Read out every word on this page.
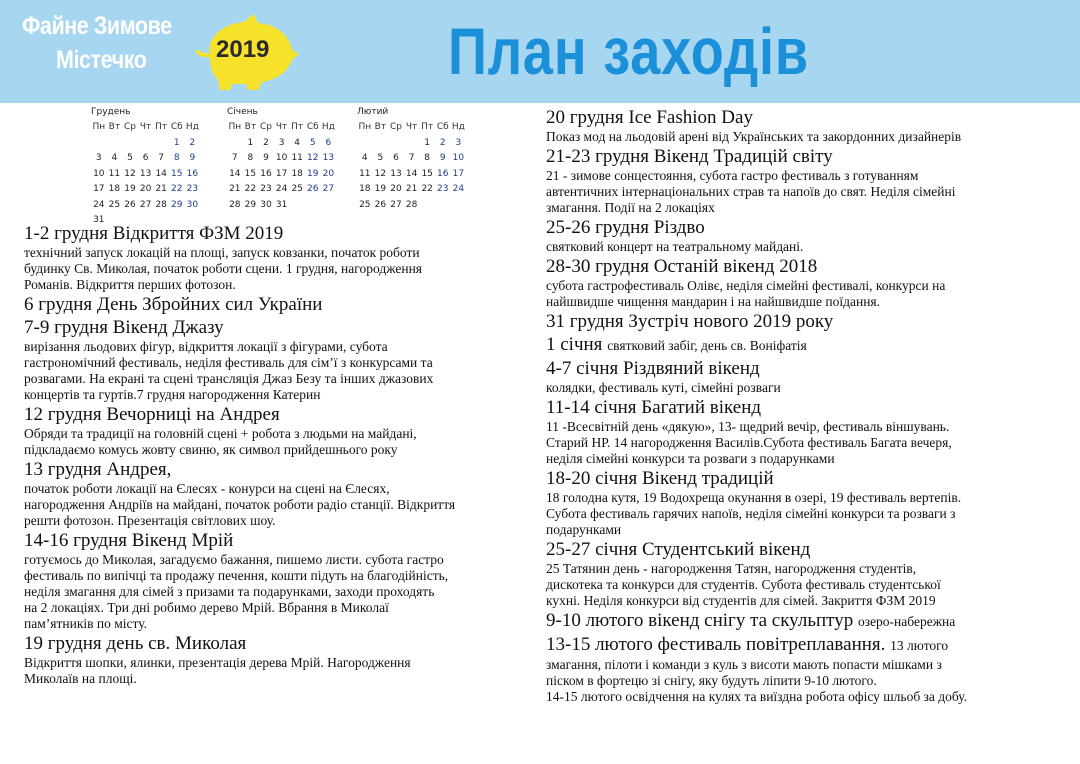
Файне Зимове
Містечко	2019	План заходів
Грудень
Пн Вт Ср Чт Пт Сб Нд
1 2
3 4 5 6 7 8 9
10 11 12 13 14 15 16
17 18 19 20 21 22 23
24 25 26 27 28 29 30
31
Січень
Пн Вт Ср Чт Пт Сб Нд
1 2 3 4 5 6
7 8 9 10 11 12 13
14 15 16 17 18 19 20
21 22 23 24 25 26 27
28 29 30 31
Лютий
Пн Вт Ср Чт Пт Сб Нд
1 2 3
4 5 6 7 8 9 10
11 12 13 14 15 16 17
18 19 20 21 22 23 24
25 26 27 28
1-2 грудня Відкриття ФЗМ 2019
технічний запуск локацій на площі, запуск ковзанки, початок роботи
будинку Св. Миколая, початок роботи сцени. 1 грудня, нагородження
Романів. Відкриття перших фотозон.
6 грудня День Збройних сил України
7-9 грудня Вікенд Джазу
вирізання льодових фігур, відкриття локації з фігурами, субота
гастрономічний фестиваль, неділя фестиваль для сім’ї з конкурсами та
розвагами. На екрані та сцені трансляція Джаз Безу та інших джазових
концертів та гуртів.7 грудня нагородження Катерин
12 грудня Вечорниці на Андрея
Обряди та традиції на головній сцені + робота з людьми на майдані,
підкладаємо комусь жовту свиню, як символ прийдешнього року
13 грудня Андрея,
початок роботи локації на Єлесях - конурси на сцені на Єлесях,
нагородження Андріїв на майдані, початок роботи радіо станції. Відкриття
решти фотозон. Презентація світлових шоу.
14-16 грудня Вікенд Мрій
готуємось до Миколая, загадуємо бажання, пишемо листи. субота гастро
фестиваль по випічці та продажу печення, кошти підуть на благодійність,
неділя змагання для сімей з призами та подарунками, заходи проходять
на 2 локаціях. Три дні робимо дерево Мрій. Вбрання в Миколаї
пам’ятників по місту.
19 грудня день св. Миколая
Відкриття шопки, ялинки, презентація дерева Мрій. Нагородження
Миколаїв на площі.
20 грудня Ice Fashion Day
Показ мод на льодовій арені від Українських та закордонних дизайнерів
21-23 грудня Вікенд Традицій світу
21 - зимове сонцестояння, субота гастро фестиваль з готуванням
автентичних інтернаціональних страв та напоїв до свят. Неділя сімейні
змагання. Події на 2 локаціях
25-26 грудня Різдво
святковий концерт на театральному майдані.
28-30 грудня Останій вікенд 2018
субота гастрофестиваль Олівє, неділя сімейні фестивалі, конкурси на
найшвидше чищення мандарин і на найшвидше поїдання.
31 грудня Зустріч нового 2019 року
1 січня святковий забіг, день св. Воніфатія
4-7 січня Різдвяний вікенд
колядки, фестиваль куті, сімейні розваги
11-14 січня Багатий вікенд
11 -Всесвітній день «дякую», 13- щедрий вечір, фестиваль віншувань.
Старий НР. 14 нагородження Василів.Субота фестиваль Багата вечеря,
неділя сімейні конкурси та розваги з подарунками
18-20 січня Вікенд традицій
18 голодна кутя, 19 Водохреща окунання в озері, 19 фестиваль вертепів.
Субота фестиваль гарячих напоїв, неділя сімейні конкурси та розваги з
подарунками
25-27 січня Студентський вікенд
25 Татянин день - нагородження Татян, нагородження студентів,
дискотека та конкурси для студентів. Субота фестиваль студентської
кухні. Неділя конкурси від студентів для сімей. Закриття ФЗМ 2019
9-10 лютого вікенд снігу та скульптур озеро-набережна
13-15 лютого фестиваль повітреплавання. 13 лютого
змагання, пілоти і команди з куль з висоти мають попасти мішками з
піском в фортецю зі снігу, яку будуть ліпити 9-10 лютого.
14-15 лютого освідчення на кулях та виїздна робота офісу шльоб за добу.
